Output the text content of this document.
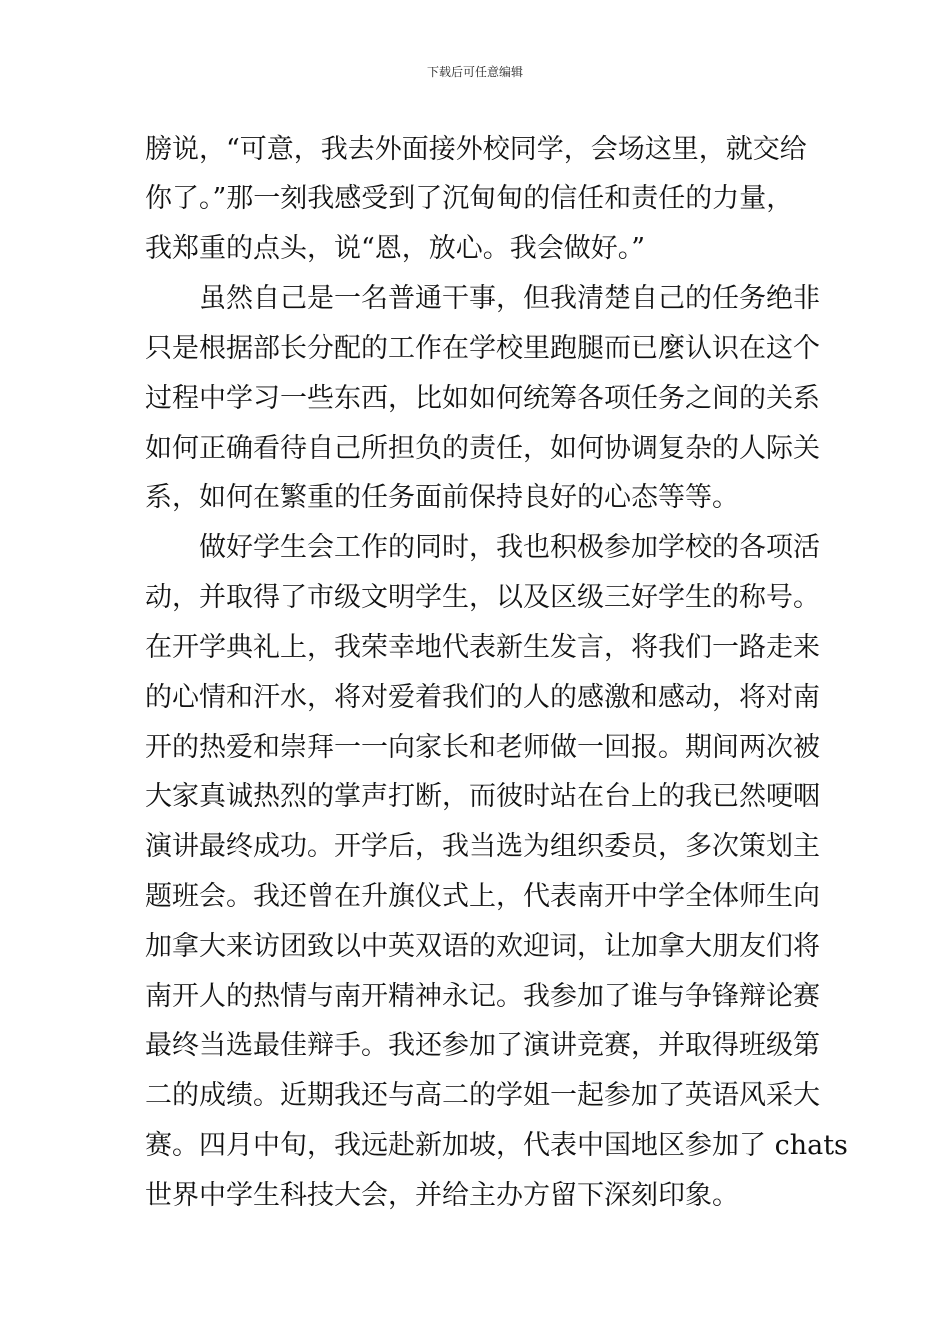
下载后可任意编辑
膀说，“可意，我去外面接外校同学，会场这里，就交给
你了。”那一刻我感受到了沉甸甸的信任和责任的力量，
我郑重的点头，说“恩，放心。我会做好。”
　　虽然自己是一名普通干事，但我清楚自己的任务绝非
只是根据部长分配的工作在学校里跑腿而已麼认识在这个
过程中学习一些东西，比如如何统筹各项任务之间的关系
如何正确看待自己所担负的责任，如何协调复杂的人际关
系，如何在繁重的任务面前保持良好的心态等等。
　　做好学生会工作的同时，我也积极参加学校的各项活
动，并取得了市级文明学生，以及区级三好学生的称号。
在开学典礼上，我荣幸地代表新生发言，将我们一路走来
的心情和汗水，将对爱着我们的人的感激和感动，将对南
开的热爱和崇拜一一向家长和老师做一回报。期间两次被
大家真诚热烈的掌声打断，而彼时站在台上的我已然哽咽
演讲最终成功。开学后，我当选为组织委员，多次策划主
题班会。我还曾在升旗仪式上，代表南开中学全体师生向
加拿大来访团致以中英双语的欢迎词，让加拿大朋友们将
南开人的热情与南开精神永记。我参加了谁与争锋辩论赛
最终当选最佳辩手。我还参加了演讲竞赛，并取得班级第
二的成绩。近期我还与高二的学姐一起参加了英语风采大
赛。四月中旬，我远赴新加坡，代表中国地区参加了 chats
世界中学生科技大会，并给主办方留下深刻印象。
